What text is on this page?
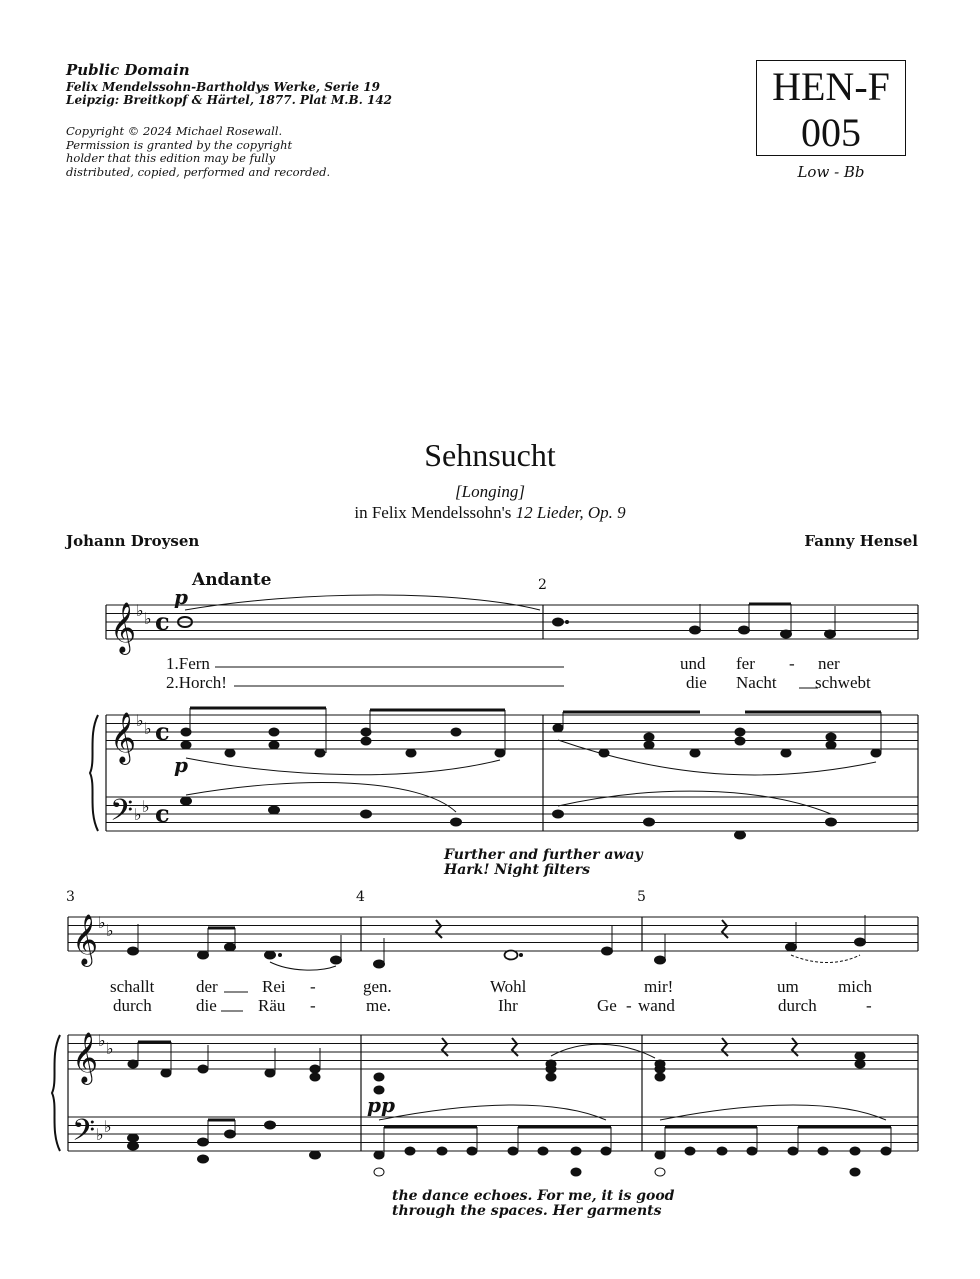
Public Domain
Felix Mendelssohn-Bartholdys Werke, Serie 19
Leipzig: Breitkopf & Härtel, 1877. Plat M.B. 142
Copyright © 2024 Michael Rosewall.
Permission is granted by the copyright
holder that this edition may be fully
distributed, copied, performed and recorded.
HEN-F
005
Low - Bb
Sehnsucht
[Longing]
in Felix Mendelssohn's 12 Lieder, Op. 9
Johann Droysen	Fanny Hensel
𝄞
𝄞
𝄢
𝄞
𝄞
𝄢
♭ ♭
♭ ♭
♭ ♭
♭ ♭
♭ ♭
♭ ♭
c
c
c
Andante	2
p
p
1.Fern	und fer - ner
2.Horch!	die Nacht schwebt
Further and further away
Hark! Night filters
3	4	5
pp
schallt der	Rei -	gen.	Wohl	mir!	um mich
durch	die Räu -	me.	Ihr	Ge - wand	durch	-
the dance echoes. For me, it is good
through the spaces. Her garments
